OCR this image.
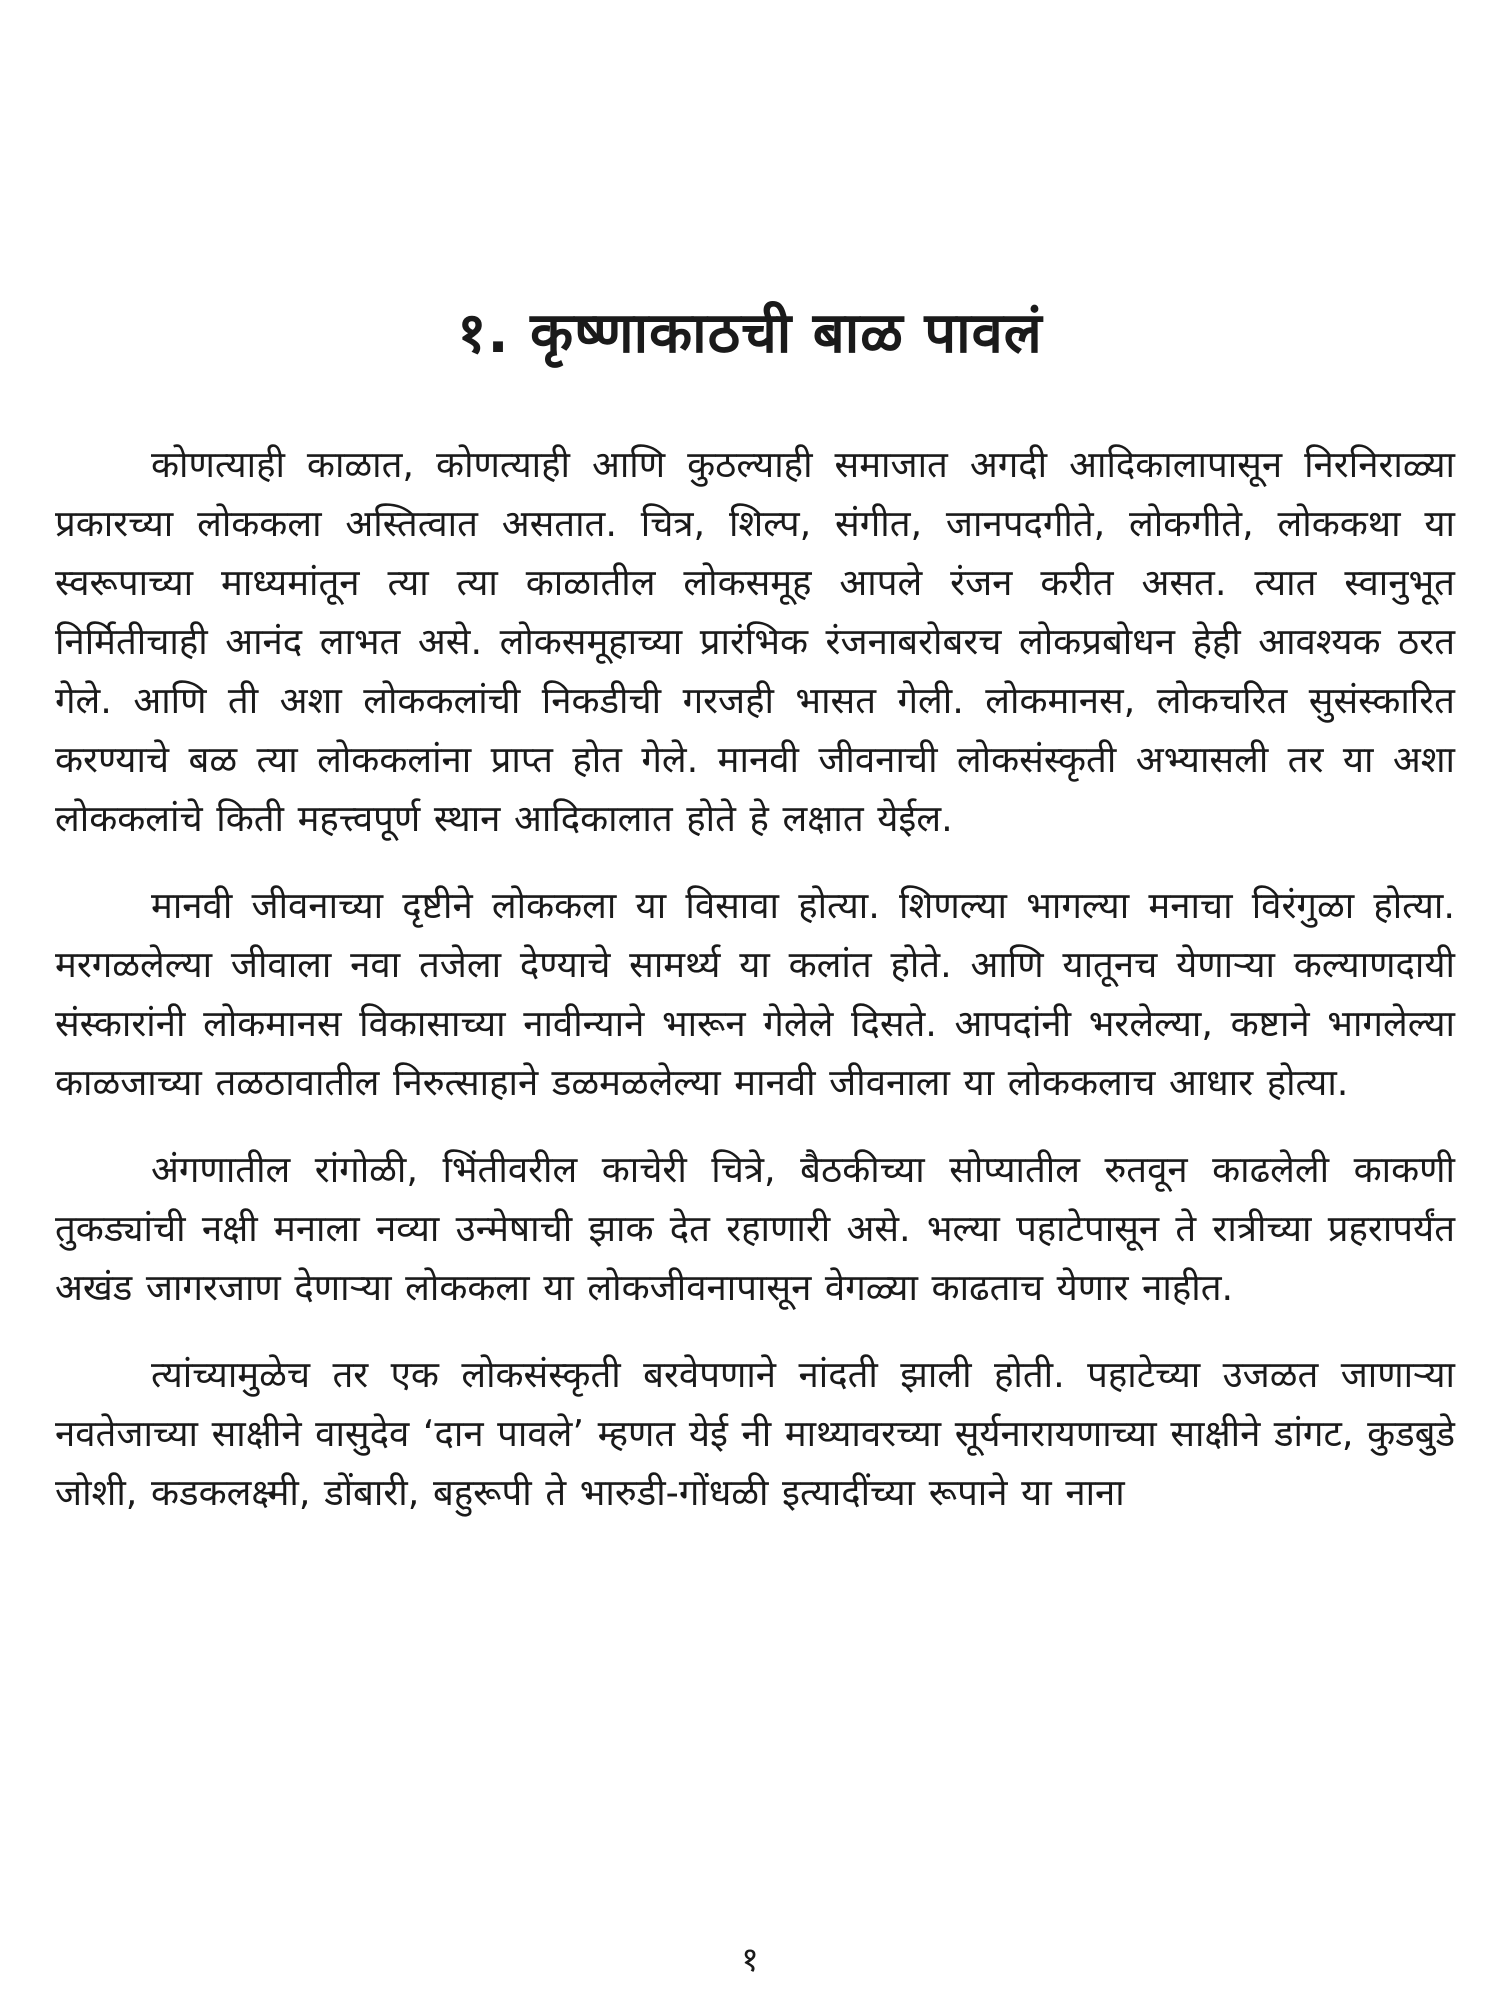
१. कृष्णाकाठची बाळ पावलं

कोणत्याही काळात, कोणत्याही आणि कुठल्याही समाजात अगदी आदिकालापासून निरनिराळ्या प्रकारच्या लोककला अस्तित्वात असतात. चित्र, शिल्प, संगीत, जानपदगीते, लोकगीते, लोककथा या स्वरूपाच्या माध्यमांतून त्या त्या काळातील लोकसमूह आपले रंजन करीत असत. त्यात स्वानुभूत निर्मितीचाही आनंद लाभत असे. लोकसमूहाच्या प्रारंभिक रंजनाबरोबरच लोकप्रबोधन हेही आवश्यक ठरत गेले. आणि ती अशा लोककलांची निकडीची गरजही भासत गेली. लोकमानस, लोकचरित सुसंस्कारित करण्याचे बळ त्या लोककलांना प्राप्त होत गेले. मानवी जीवनाची लोकसंस्कृती अभ्यासली तर या अशा लोककलांचे किती महत्त्वपूर्ण स्थान आदिकालात होते हे लक्षात येईल.

मानवी जीवनाच्या दृष्टीने लोककला या विसावा होत्या. शिणल्या भागल्या मनाचा विरंगुळा होत्या. मरगळलेल्या जीवाला नवा तजेला देण्याचे सामर्थ्य या कलांत होते. आणि यातूनच येणाऱ्या कल्याणदायी संस्कारांनी लोकमानस विकासाच्या नावीन्याने भारून गेलेले दिसते. आपदांनी भरलेल्या, कष्टाने भागलेल्या काळजाच्या तळठावातील निरुत्साहाने डळमळलेल्या मानवी जीवनाला या लोककलाच आधार होत्या.

अंगणातील रांगोळी, भिंतीवरील काचेरी चित्रे, बैठकीच्या सोप्यातील रुतवून काढलेली काकणी तुकड्यांची नक्षी मनाला नव्या उन्मेषाची झाक देत रहाणारी असे. भल्या पहाटेपासून ते रात्रीच्या प्रहरापर्यंत अखंड जागरजाण देणाऱ्या लोककला या लोकजीवनापासून वेगळ्या काढताच येणार नाहीत.

त्यांच्यामुळेच तर एक लोकसंस्कृती बरवेपणाने नांदती झाली होती. पहाटेच्या उजळत जाणाऱ्या नवतेजाच्या साक्षीने वासुदेव ‘दान पावले’ म्हणत येई नी माथ्यावरच्या सूर्यनारायणाच्या साक्षीने डांगट, कुडबुडे जोशी, कडकलक्ष्मी, डोंबारी, बहुरूपी ते भारुडी-गोंधळी इत्यादींच्या रूपाने या नाना

१
